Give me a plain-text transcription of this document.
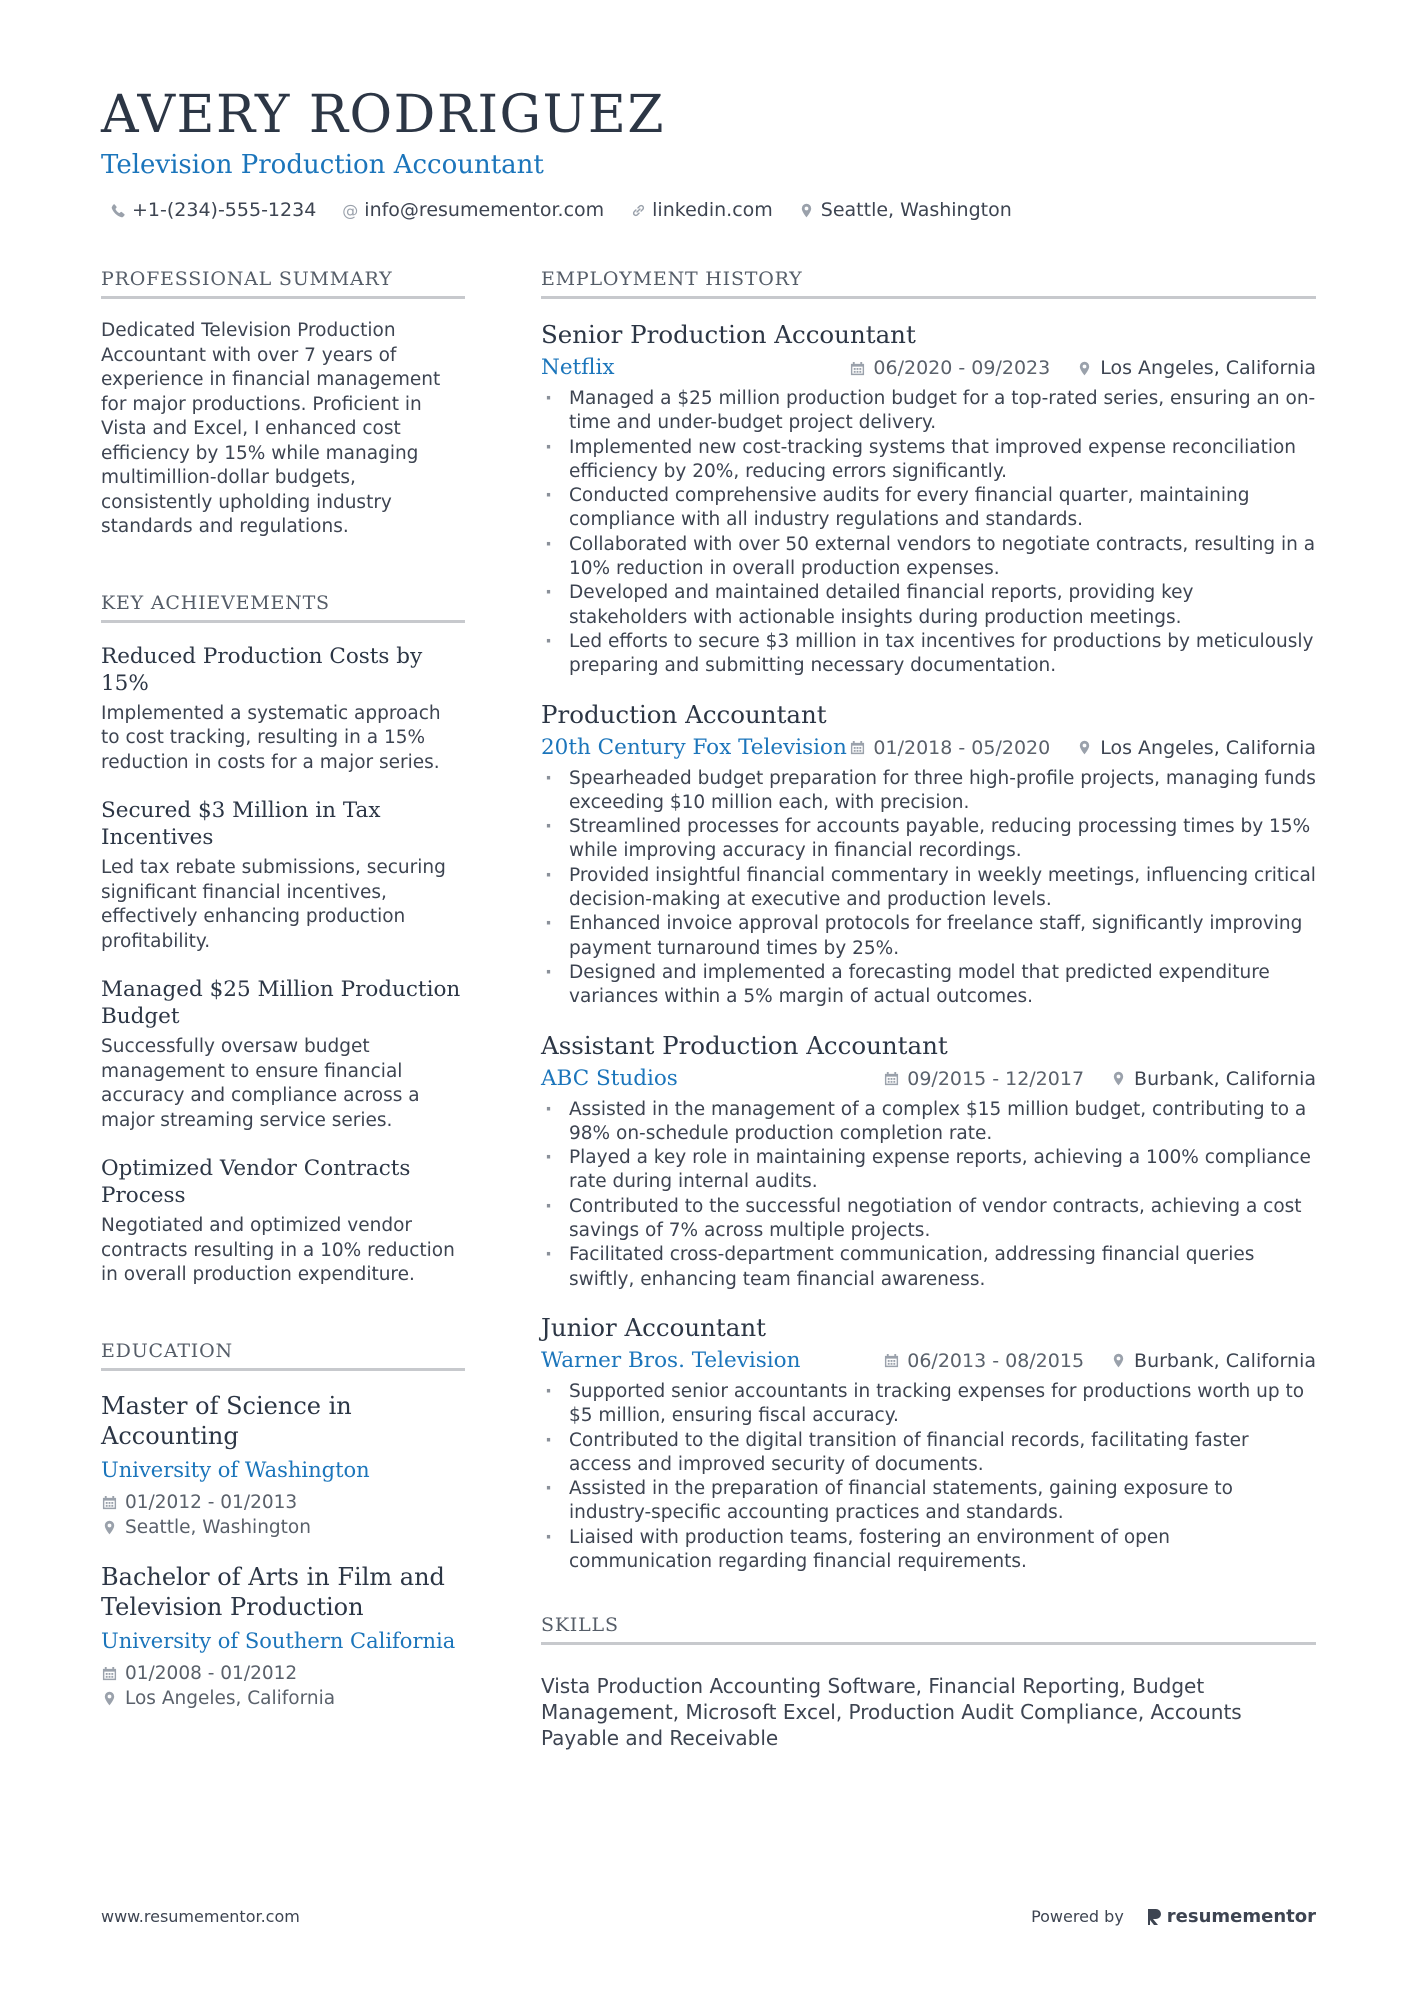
AVERY RODRIGUEZ
Television Production Accountant
+1-(234)-555-1234 @ info@resumementor.com	linkedin.com	Seattle, Washington
PROFESSIONAL SUMMARY
Dedicated Television Production Accountant with over 7 years of experience in financial management for major productions. Proficient in Vista and Excel, I enhanced cost efficiency by 15% while managing multimillion-dollar budgets, consistently upholding industry standards and regulations.
KEY ACHIEVEMENTS
Reduced Production Costs by 15%
Implemented a systematic approach to cost tracking, resulting in a 15% reduction in costs for a major series.
Secured $3 Million in Tax Incentives
Led tax rebate submissions, securing significant financial incentives, effectively enhancing production profitability.
Managed $25 Million Production Budget
Successfully oversaw budget management to ensure financial accuracy and compliance across a major streaming service series.
Optimized Vendor Contracts Process
Negotiated and optimized vendor contracts resulting in a 10% reduction in overall production expenditure.
EDUCATION
Master of Science in Accounting
University of Washington
01/2012 - 01/2013
Seattle, Washington
Bachelor of Arts in Film and Television Production
University of Southern California
01/2008 - 01/2012
Los Angeles, California
EMPLOYMENT HISTORY
Senior Production Accountant
Netflix	06/2020 - 09/2023	Los Angeles, California
· Managed a $25 million production budget for a top-rated series, ensuring an on-time and under-budget project delivery.
· Implemented new cost-tracking systems that improved expense reconciliation efficiency by 20%, reducing errors significantly.
· Conducted comprehensive audits for every financial quarter, maintaining compliance with all industry regulations and standards.
· Collaborated with over 50 external vendors to negotiate contracts, resulting in a 10% reduction in overall production expenses.
· Developed and maintained detailed financial reports, providing key stakeholders with actionable insights during production meetings.
· Led efforts to secure $3 million in tax incentives for productions by meticulously preparing and submitting necessary documentation.
Production Accountant
20th Century Fox Television 01/2018 - 05/2020	Los Angeles, California
· Spearheaded budget preparation for three high-profile projects, managing funds exceeding $10 million each, with precision.
· Streamlined processes for accounts payable, reducing processing times by 15% while improving accuracy in financial recordings.
· Provided insightful financial commentary in weekly meetings, influencing critical decision-making at executive and production levels.
· Enhanced invoice approval protocols for freelance staff, significantly improving payment turnaround times by 25%.
· Designed and implemented a forecasting model that predicted expenditure variances within a 5% margin of actual outcomes.
Assistant Production Accountant
ABC Studios	09/2015 - 12/2017	Burbank, California
· Assisted in the management of a complex $15 million budget, contributing to a 98% on-schedule production completion rate.
· Played a key role in maintaining expense reports, achieving a 100% compliance rate during internal audits.
· Contributed to the successful negotiation of vendor contracts, achieving a cost savings of 7% across multiple projects.
· Facilitated cross-department communication, addressing financial queries swiftly, enhancing team financial awareness.
Junior Accountant
Warner Bros. Television	06/2013 - 08/2015	Burbank, California
· Supported senior accountants in tracking expenses for productions worth up to $5 million, ensuring fiscal accuracy.
· Contributed to the digital transition of financial records, facilitating faster access and improved security of documents.
· Assisted in the preparation of financial statements, gaining exposure to industry-specific accounting practices and standards.
· Liaised with production teams, fostering an environment of open communication regarding financial requirements.
SKILLS
Vista Production Accounting Software, Financial Reporting, Budget Management, Microsoft Excel, Production Audit Compliance, Accounts Payable and Receivable
www.resumementor.com	Powered by resumementor
